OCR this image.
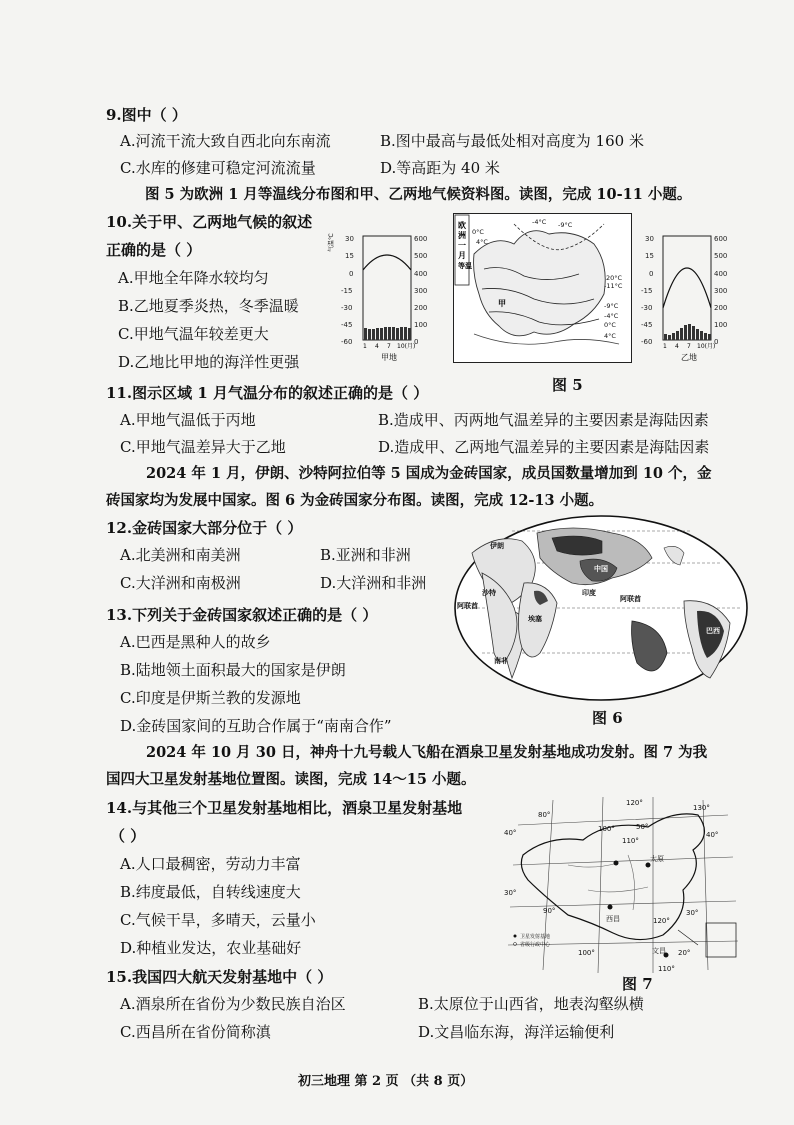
9.图中（ ）
A.河流干流大致自西北向东南流	B.图中最高与最低处相对高度为 160 米
C.水库的修建可稳定河流流量	D.等高距为 40 米
图 5 为欧洲 1 月等温线分布图和甲、乙两地气候资料图。读图，完成 10-11 小题。
10.关于甲、乙两地气候的叙述
正确的是（ ）
A.甲地全年降水较均匀
B.乙地夏季炎热，冬季温暖
C.甲地气温年较差更大
D.乙地比甲地的海洋性更强
气温℃ 30
15
0
-15
-30
-45
-60
600
500
400
300
200
100
0
1 4 7 10(月)
甲地
欧
洲
一
月
等温
-4°C -9°C
0°C
4°C
20°C
-11°C
-9°C
-4°C
0°C
4°C
甲
30
15
0
-15
-30
-45
-60
600
500
400
300
200
100
0
1 4 7 10(月)
乙地
图 5
11.图示区域 1 月气温分布的叙述正确的是（ ）
A.甲地气温低于丙地	B.造成甲、丙两地气温差异的主要因素是海陆因素
C.甲地气温差异大于乙地	D.造成甲、乙两地气温差异的主要因素是海陆因素
2024 年 1 月，伊朗、沙特阿拉伯等 5 国成为金砖国家，成员国数量增加到 10 个，金
砖国家均为发展中国家。图 6 为金砖国家分布图。读图，完成 12-13 小题。
12.金砖国家大部分位于（ ）
A.北美洲和南美洲	B.亚洲和非洲
C.大洋洲和南极洲	D.大洋洲和非洲
伊朗
沙特
阿联酋
埃塞
中国
印度
阿联酋
南非
巴西
图 6
13.下列关于金砖国家叙述正确的是（ ）
A.巴西是黑种人的故乡
B.陆地领土面积最大的国家是伊朗
C.印度是伊斯兰教的发源地
D.金砖国家间的互助合作属于“南南合作”
2024 年 10 月 30 日，神舟十九号载人飞船在酒泉卫星发射基地成功发射。图 7 为我
国四大卫星发射基地位置图。读图，完成 14～15 小题。
14.与其他三个卫星发射基地相比，酒泉卫星发射基地
（ ）
A.人口最稠密，劳动力丰富
B.纬度最低，自转线速度大
C.气候干旱，多晴天，云量小
D.种植业发达，农业基础好
120°
130°
80°
50°
40°	100°
110°
40°
30°
90°	30°
120°
100°	20°
110°
太原
文昌
西昌
卫星发射基地
省级行政中心
图 7
15.我国四大航天发射基地中（ ）
A.酒泉所在省份为少数民族自治区	B.太原位于山西省，地表沟壑纵横
C.西昌所在省份简称滇	D.文昌临东海，海洋运输便利
初三地理 第 2 页 （共 8 页）
